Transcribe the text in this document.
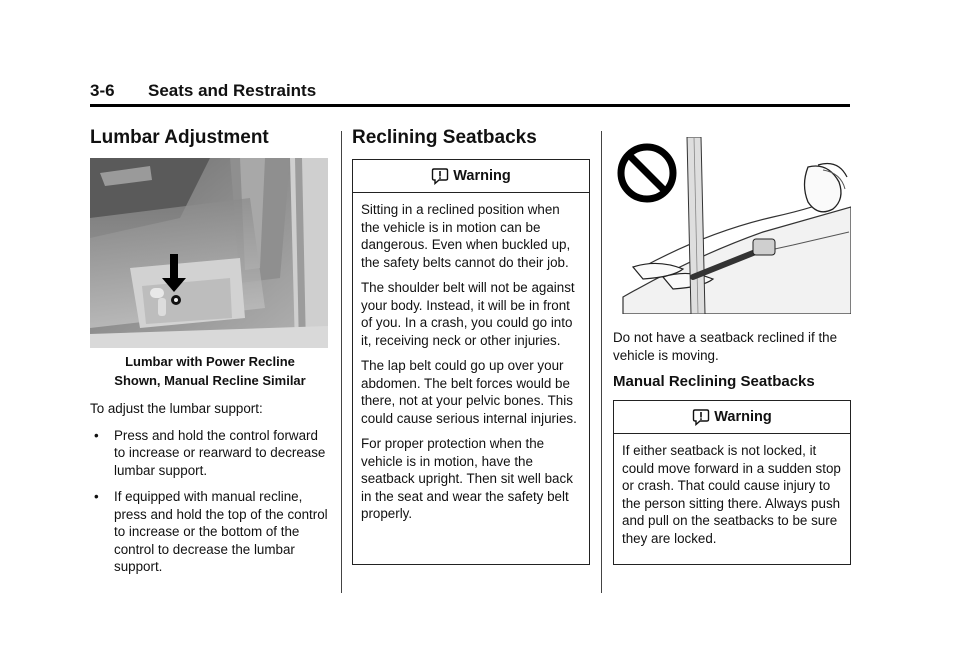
3-6 Seats and Restraints
Lumbar Adjustment
Lumbar with Power Recline
Shown, Manual Recline Similar

To adjust the lumbar support:

• Press and hold the control forward to increase or rearward to decrease lumbar support.
• If equipped with manual recline, press and hold the top of the control to increase or the bottom of the control to decrease the lumbar support.
Reclining Seatbacks
Warning

Sitting in a reclined position when the vehicle is in motion can be dangerous. Even when buckled up, the safety belts cannot do their job.

The shoulder belt will not be against your body. Instead, it will be in front of you. In a crash, you could go into it, receiving neck or other injuries.

The lap belt could go up over your abdomen. The belt forces would be there, not at your pelvic bones. This could cause serious internal injuries.

For proper protection when the vehicle is in motion, have the seatback upright. Then sit well back in the seat and wear the safety belt properly.

Do not have a seatback reclined if the vehicle is moving.

Manual Reclining Seatbacks
Warning

If either seatback is not locked, it could move forward in a sudden stop or crash. That could cause injury to the person sitting there. Always push and pull on the seatbacks to be sure they are locked.
